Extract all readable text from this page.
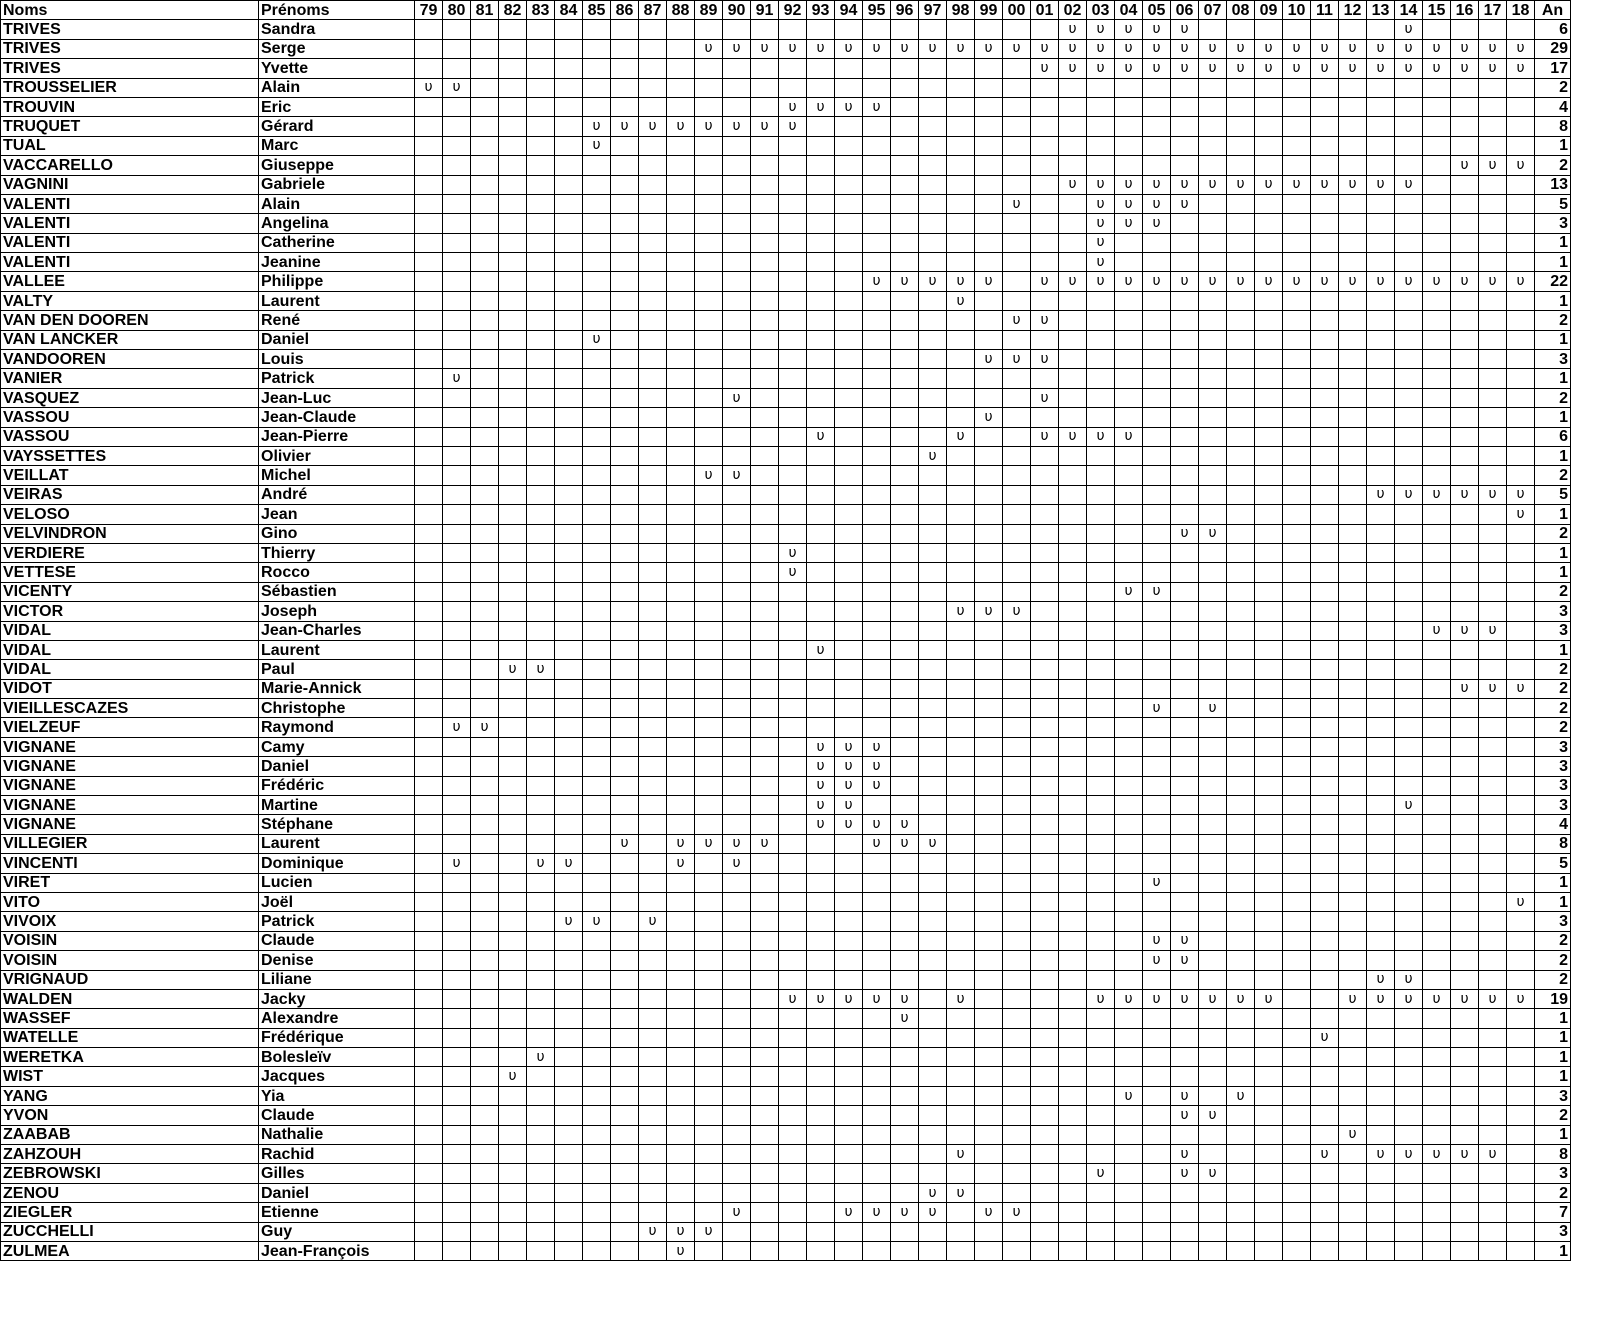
Noms	Prénoms	79	80	81	82	83	84	85	86	87	88	89	90	91	92	93	94	95	96	97	98	99	00	01	02	03	04	05	06	07	08	09	10	11	12	13	14	15	16	17	18	An
TRIVES	Sandra																								υ	υ	υ	υ	υ								υ					6
TRIVES	Serge											υ	υ	υ	υ	υ	υ	υ	υ	υ	υ	υ	υ	υ	υ	υ	υ	υ	υ	υ	υ	υ	υ	υ	υ	υ	υ	υ	υ	υ	υ	29
TRIVES	Yvette																							υ	υ	υ	υ	υ	υ	υ	υ	υ	υ	υ	υ	υ	υ	υ	υ	υ	υ	17
TROUSSELIER	Alain	υ	υ																																							2
TROUVIN	Eric														υ	υ	υ	υ																								4
TRUQUET	Gérard							υ	υ	υ	υ	υ	υ	υ	υ																											8
TUAL	Marc							υ																																		1
VACCARELLO	Giuseppe																																						υ	υ	υ	2
VAGNINI	Gabriele																								υ	υ	υ	υ	υ	υ	υ	υ	υ	υ	υ	υ	υ					13
VALENTI	Alain																						υ			υ	υ	υ	υ													5
VALENTI	Angelina																									υ	υ	υ														3
VALENTI	Catherine																									υ																1
VALENTI	Jeanine																									υ																1
VALLEE	Philippe																	υ	υ	υ	υ	υ		υ	υ	υ	υ	υ	υ	υ	υ	υ	υ	υ	υ	υ	υ	υ	υ	υ	υ	22
VALTY	Laurent																				υ																					1
VAN DEN DOOREN	René																						υ	υ																		2
VAN LANCKER	Daniel							υ																																		1
VANDOOREN	Louis																					υ	υ	υ																		3
VANIER	Patrick		υ																																							1
VASQUEZ	Jean-Luc												υ											υ																		2
VASSOU	Jean-Claude																					υ																				1
VASSOU	Jean-Pierre															υ					υ			υ	υ	υ	υ															6
VAYSSETTES	Olivier																			υ																						1
VEILLAT	Michel											υ	υ																													2
VEIRAS	André																																			υ	υ	υ	υ	υ	υ	5
VELOSO	Jean																																								υ	1
VELVINDRON	Gino																												υ	υ												2
VERDIERE	Thierry														υ																											1
VETTESE	Rocco														υ																											1
VICENTY	Sébastien																										υ	υ														2
VICTOR	Joseph																				υ	υ	υ																			3
VIDAL	Jean-Charles																																					υ	υ	υ		3
VIDAL	Laurent															υ																										1
VIDAL	Paul				υ	υ																																				2
VIDOT	Marie-Annick																																						υ	υ	υ	2
VIEILLESCAZES	Christophe																											υ		υ												2
VIELZEUF	Raymond		υ	υ																																						2
VIGNANE	Camy															υ	υ	υ																								3
VIGNANE	Daniel															υ	υ	υ																								3
VIGNANE	Frédéric															υ	υ	υ																								3
VIGNANE	Martine															υ	υ																				υ					3
VIGNANE	Stéphane															υ	υ	υ	υ																							4
VILLEGIER	Laurent								υ		υ	υ	υ	υ				υ	υ	υ																						8
VINCENTI	Dominique		υ			υ	υ				υ		υ																													5
VIRET	Lucien																											υ														1
VITO	Joël																																								υ	1
VIVOIX	Patrick						υ	υ		υ																																3
VOISIN	Claude																											υ	υ													2
VOISIN	Denise																											υ	υ													2
VRIGNAUD	Liliane																																			υ	υ					2
WALDEN	Jacky														υ	υ	υ	υ	υ		υ					υ	υ	υ	υ	υ	υ	υ			υ	υ	υ	υ	υ	υ	υ	19
WASSEF	Alexandre																		υ																							1
WATELLE	Frédérique																																	υ								1
WERETKA	Bolesleïv					υ																																				1
WIST	Jacques				υ																																					1
YANG	Yia																										υ		υ		υ											3
YVON	Claude																												υ	υ												2
ZAABAB	Nathalie																																		υ							1
ZAHZOUH	Rachid																				υ								υ					υ		υ	υ	υ	υ	υ		8
ZEBROWSKI	Gilles																									υ			υ	υ												3
ZENOU	Daniel																			υ	υ																					2
ZIEGLER	Etienne												υ				υ	υ	υ	υ		υ	υ																			7
ZUCCHELLI	Guy									υ	υ	υ																														3
ZULMEA	Jean-François										υ																															1
